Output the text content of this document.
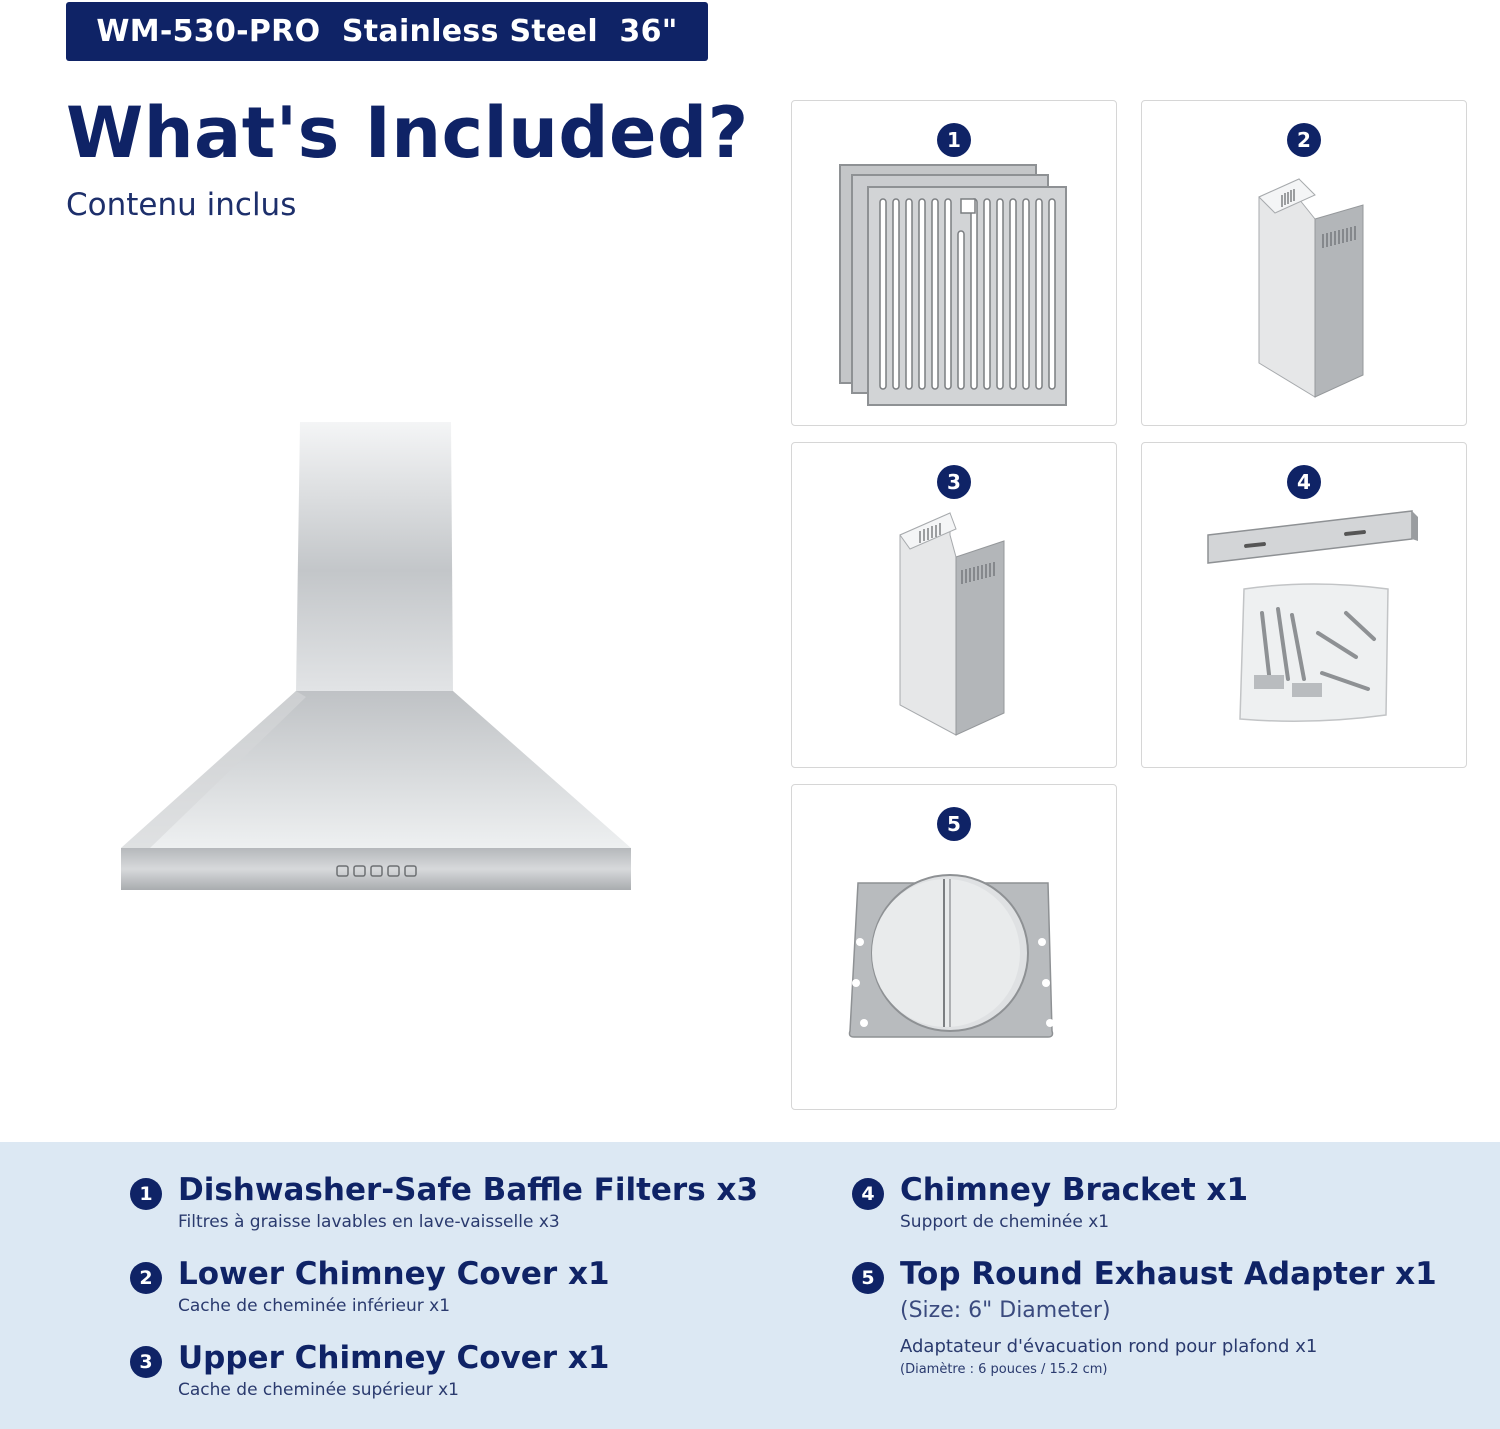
WM-530-PRO  Stainless Steel  36"
What's Included?

Contenu inclus

1	2
3	4
5
1 Dishwasher-Safe Baffle Filters x3

Filtres à graisse lavables en lave-vaisselle x3
2 Lower Chimney Cover x1

Cache de cheminée inférieur x1
3 Upper Chimney Cover x1

Cache de cheminée supérieur x1
4 Chimney Bracket x1

Support de cheminée x1
5 Top Round Exhaust Adapter x1

(Size: 6" Diameter)
Adaptateur d'évacuation rond pour plafond x1
(Diamètre : 6 pouces / 15.2 cm)
